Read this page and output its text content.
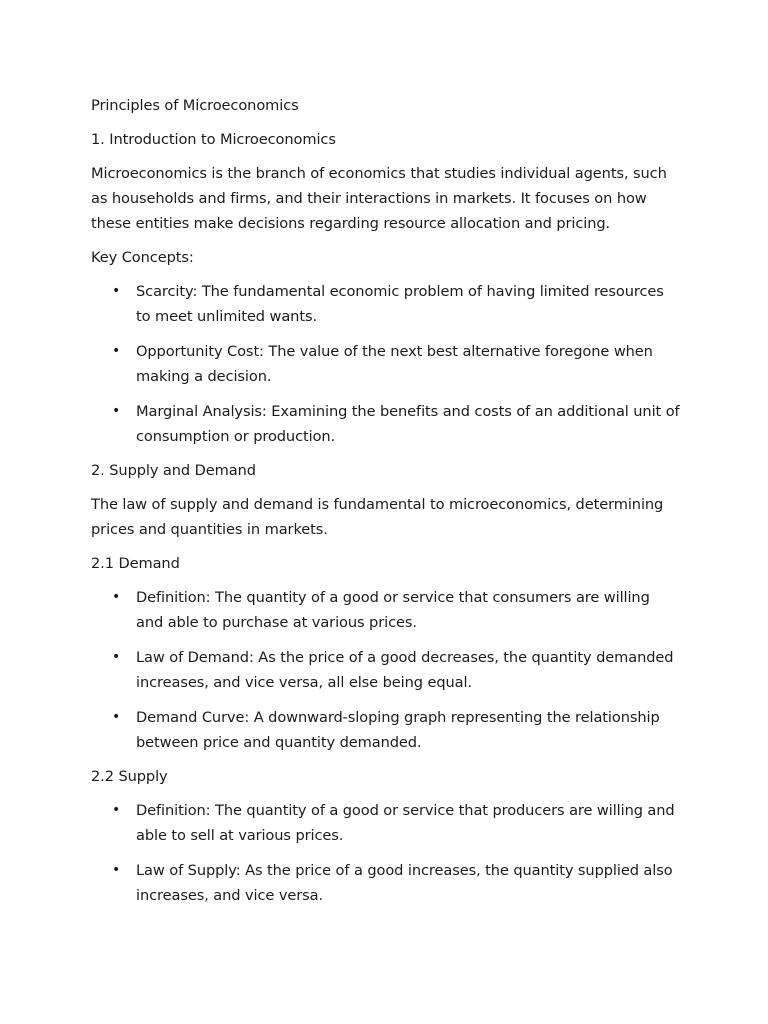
Principles of Microeconomics

1. Introduction to Microeconomics

Microeconomics is the branch of economics that studies individual agents, such as households and firms, and their interactions in markets. It focuses on how these entities make decisions regarding resource allocation and pricing.

Key Concepts:

• Scarcity: The fundamental economic problem of having limited resources to meet unlimited wants.
• Opportunity Cost: The value of the next best alternative foregone when making a decision.
• Marginal Analysis: Examining the benefits and costs of an additional unit of consumption or production.

2. Supply and Demand

The law of supply and demand is fundamental to microeconomics, determining prices and quantities in markets.

2.1 Demand

• Definition: The quantity of a good or service that consumers are willing and able to purchase at various prices.
• Law of Demand: As the price of a good decreases, the quantity demanded increases, and vice versa, all else being equal.
• Demand Curve: A downward-sloping graph representing the relationship between price and quantity demanded.

2.2 Supply

• Definition: The quantity of a good or service that producers are willing and able to sell at various prices.
• Law of Supply: As the price of a good increases, the quantity supplied also increases, and vice versa.
